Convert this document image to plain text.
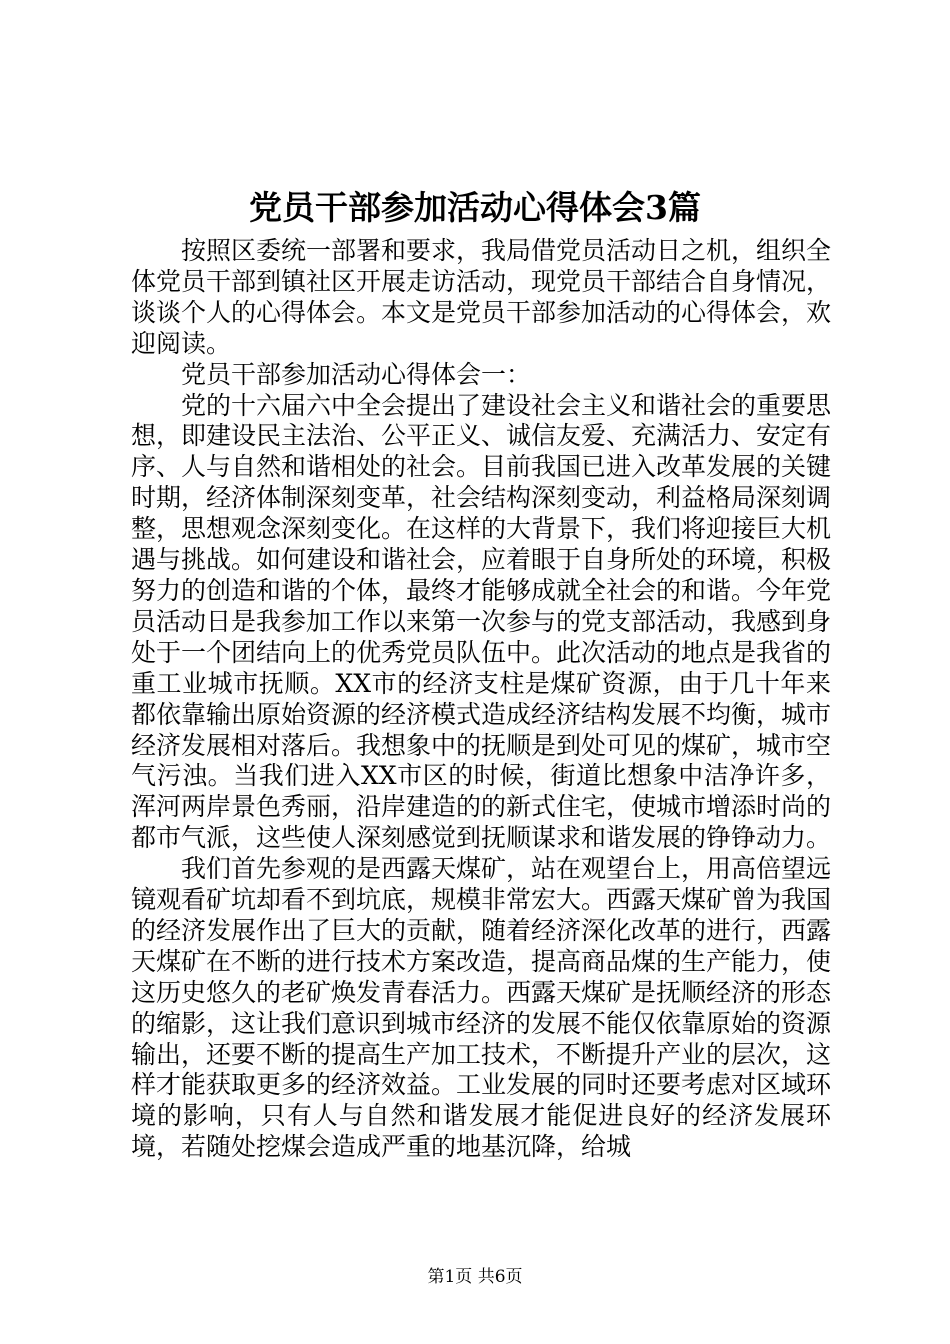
党员干部参加活动心得体会3篇

按照区委统一部署和要求，我局借党员活动日之机，组织全体党员干部到镇社区开展走访活动，现党员干部结合自身情况，谈谈个人的心得体会。本文是党员干部参加活动的心得体会，欢迎阅读。

党员干部参加活动心得体会一：

党的十六届六中全会提出了建设社会主义和谐社会的重要思想，即建设民主法治、公平正义、诚信友爱、充满活力、安定有序、人与自然和谐相处的社会。目前我国已进入改革发展的关键时期，经济体制深刻变革，社会结构深刻变动，利益格局深刻调整，思想观念深刻变化。在这样的大背景下，我们将迎接巨大机遇与挑战。如何建设和谐社会，应着眼于自身所处的环境，积极努力的创造和谐的个体，最终才能够成就全社会的和谐。今年党员活动日是我参加工作以来第一次参与的党支部活动，我感到身处于一个团结向上的优秀党员队伍中。此次活动的地点是我省的重工业城市抚顺。XX市的经济支柱是煤矿资源，由于几十年来都依靠输出原始资源的经济模式造成经济结构发展不均衡，城市经济发展相对落后。我想象中的抚顺是到处可见的煤矿，城市空气污浊。当我们进入XX市区的时候，街道比想象中洁净许多，浑河两岸景色秀丽，沿岸建造的的新式住宅，使城市增添时尚的都市气派，这些使人深刻感觉到抚顺谋求和谐发展的铮铮动力。

我们首先参观的是西露天煤矿，站在观望台上，用高倍望远镜观看矿坑却看不到坑底，规模非常宏大。西露天煤矿曾为我国的经济发展作出了巨大的贡献，随着经济深化改革的进行，西露天煤矿在不断的进行技术方案改造，提高商品煤的生产能力，使这历史悠久的老矿焕发青春活力。西露天煤矿是抚顺经济的形态的缩影，这让我们意识到城市经济的发展不能仅依靠原始的资源输出，还要不断的提高生产加工技术，不断提升产业的层次，这样才能获取更多的经济效益。工业发展的同时还要考虑对区域环境的影响，只有人与自然和谐发展才能促进良好的经济发展环境，若随处挖煤会造成严重的地基沉降，给城

第1页 共6页
